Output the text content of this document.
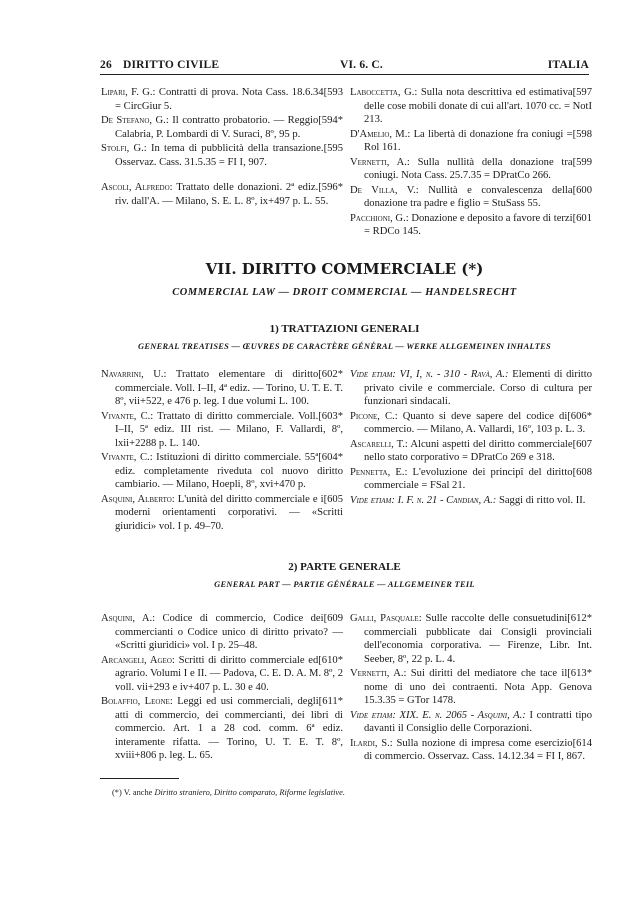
26 DIRITTO CIVILE	VI. 6. C.	ITALIA

[593
Lipari, F. G.: Contratti di prova. Nota Cass. 18.6.34 = CircGiur 5.

[594*
De Stefano, G.: Il contratto probatorio. — Reggio Calabria, P. Lombardi di V. Suraci, 8º, 95 p.

[595
Stolfi, G.: In tema di pubblicità della transazione. Osservaz. Cass. 31.5.35 = FI I, 907.

[596*
Ascoli, Alfredo: Trattato delle donazioni. 2ª ediz. riv. dall'A. — Milano, S. E. L. 8º, ix+497 p. L. 55.

[597
Laboccetta, G.: Sulla nota descrittiva ed estimativa delle cose mobili donate di cui all'art. 1070 cc. = NotI 213.

[598
D'Amelio, M.: La libertà di donazione fra coniugi = Rol 161.

[599
Vernetti, A.: Sulla nullità della donazione tra coniugi. Nota Cass. 25.7.35 = DPratCo 266.

[600
De Villa, V.: Nullità e convalescenza della donazione tra padre e figlio = StuSass 55.

[601
Pacchioni, G.: Donazione e deposito a favore di terzi = RDCo 145.

VII. DIRITTO COMMERCIALE (*)
COMMERCIAL LAW — DROIT COMMERCIAL — HANDELSRECHT
1) TRATTAZIONI GENERALI
GENERAL TREATISES — ŒUVRES DE CARACTÈRE GÉNÉRAL — WERKE ALLGEMEINEN INHALTES

[602*
Navarrini, U.: Trattato elementare di diritto commerciale. Voll. I–II, 4ª ediz. — Torino, U. T. E. T. 8º, vii+522, e 476 p. leg. I due volumi L. 100.

[603*
Vivante, C.: Trattato di diritto commerciale. Voll. I–II, 5ª ediz. III rist. — Milano, F. Vallardi, 8º, lxii+2288 p. L. 140.

[604*
Vivante, C.: Istituzioni di diritto commerciale. 55ª ediz. completamente riveduta col nuovo diritto cambiario. — Milano, Hoepli, 8º, xvi+470 p.

[605
Asquini, Alberto: L'unità del diritto commerciale e i moderni orientamenti corporativi. — «Scritti giuridici» vol. I p. 49–70.

Vide etiam: VI, I, n. - 310 - Ravà, A.: Elementi di diritto privato civile e commerciale. Corso di cultura per funzionari sindacali.

[606*
Picone, C.: Quanto si deve sapere del codice di commercio. — Milano, A. Vallardi, 16º, 103 p. L. 3.

[607
Ascarelli, T.: Alcuni aspetti del diritto commerciale nello stato corporativo = DPratCo 269 e 318.

[608
Pennetta, E.: L'evoluzione dei principî del diritto commerciale = FSal 21.

Vide etiam: I. F. n. 21 - Candian, A.: Saggi di ritto vol. II.

2) PARTE GENERALE
GENERAL PART — PARTIE GÉNÉRALE — ALLGEMEINER TEIL

[609
Asquini, A.: Codice di commercio, Codice dei commercianti o Codice unico di diritto privato? — «Scritti giuridici» vol. I p. 25–48.

[610*
Arcangeli, Ageo: Scritti di diritto commerciale ed agrario. Volumi I e II. — Padova, C. E. D. A. M. 8º, 2 voll. vii+293 e iv+407 p. L. 30 e 40.

[611*
Bolaffio, Leone: Leggi ed usi commerciali, degli atti di commercio, dei commercianti, dei libri di commercio. Art. 1 a 28 cod. comm. 6ª ediz. interamente rifatta. — Torino, U. T. E. T. 8º, xviii+806 p. leg. L. 65.

[612*
Galli, Pasquale: Sulle raccolte delle consuetudini commerciali pubblicate dai Consigli provinciali dell'economia corporativa. — Firenze, Libr. Int. Seeber, 8º, 22 p. L. 4.

[613*
Vernetti, A.: Sui diritti del mediatore che tace il nome di uno dei contraenti. Nota App. Genova 15.3.35 = GTor 1478.

Vide etiam: XIX. E. n. 2065 - Asquini, A.: I contratti tipo davanti il Consiglio delle Corporazioni.

[614
Ilardi, S.: Sulla nozione di impresa come esercizio di commercio. Osservaz. Cass. 14.12.34 = FI I, 867.

(*) V. anche Diritto straniero, Diritto comparato, Riforme legislative.
